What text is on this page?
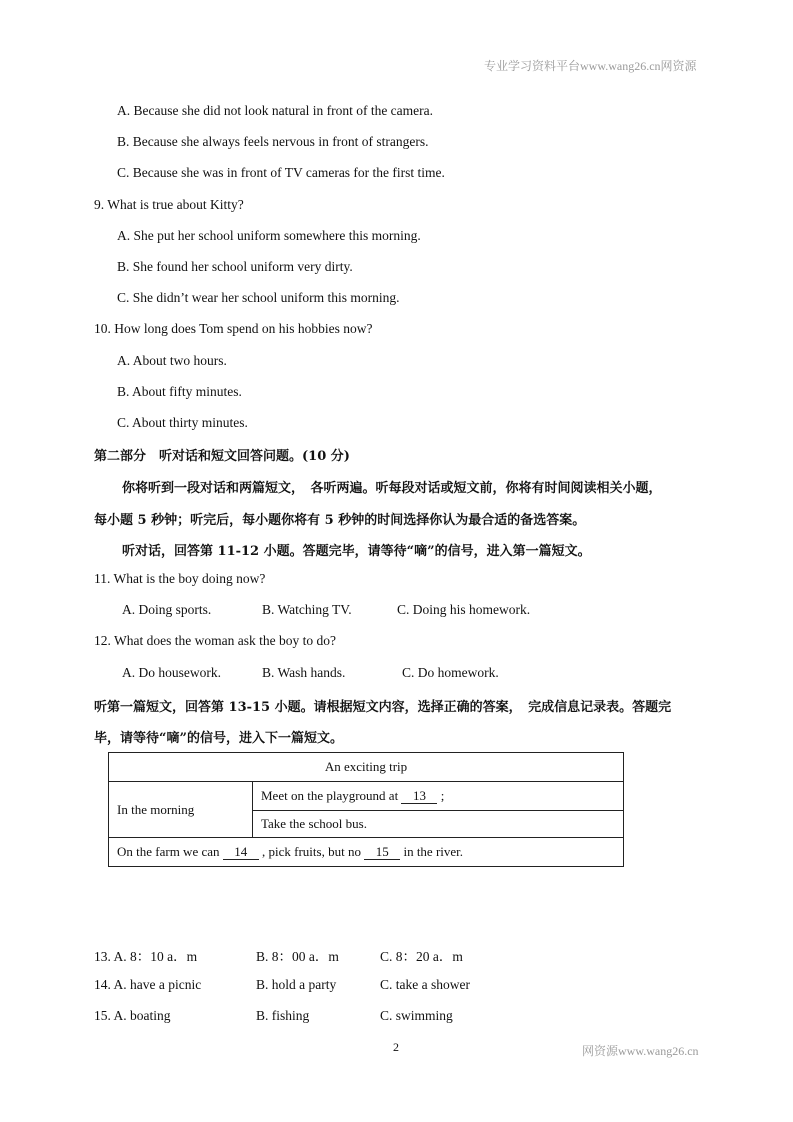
专业学习资料平台www.wang26.cn网资源
A. Because she did not look natural in front of the camera.
B. Because she always feels nervous in front of strangers.
C. Because she was in front of TV cameras for the first time.
9. What is true about Kitty?
A. She put her school uniform somewhere this morning.
B. She found her school uniform very dirty.
C. She didn’t wear her school uniform this morning.
10. How long does Tom spend on his hobbies now?
A. About two hours.
B. About fifty minutes.
C. About thirty minutes.
第二部分　听对话和短文回答问题。(10 分)
你将听到一段对话和两篇短文，　各听两遍。听每段对话或短文前，你将有时间阅读相关小题，
每小题 5 秒钟；听完后，每小题你将有 5 秒钟的时间选择你认为最合适的备选答案。
听对话，回答第 11-12 小题。答题完毕，请等待“嘀”的信号，进入第一篇短文。
11. What is the boy doing now?
A. Doing sports.	B. Watching TV.	C. Doing his homework.
12. What does the woman ask the boy to do?
A. Do housework.	B. Wash hands.	C. Do homework.
听第一篇短文，回答第 13-15 小题。请根据短文内容，选择正确的答案，　完成信息记录表。答题完
毕，请等待“嘀”的信号，进入下一篇短文。
An exciting trip
In the morning	Meet on the playground at 13 ;
Take the school bus.
On the farm we can 14 , pick fruits, but no 15 in the river.
13. A. 8：10 a．m	B. 8：00 a．m	C. 8：20 a．m
14. A. have a picnic	B. hold a party	C. take a shower
15. A. boating	B. fishing	C. swimming
2	网资源www.wang26.cn
